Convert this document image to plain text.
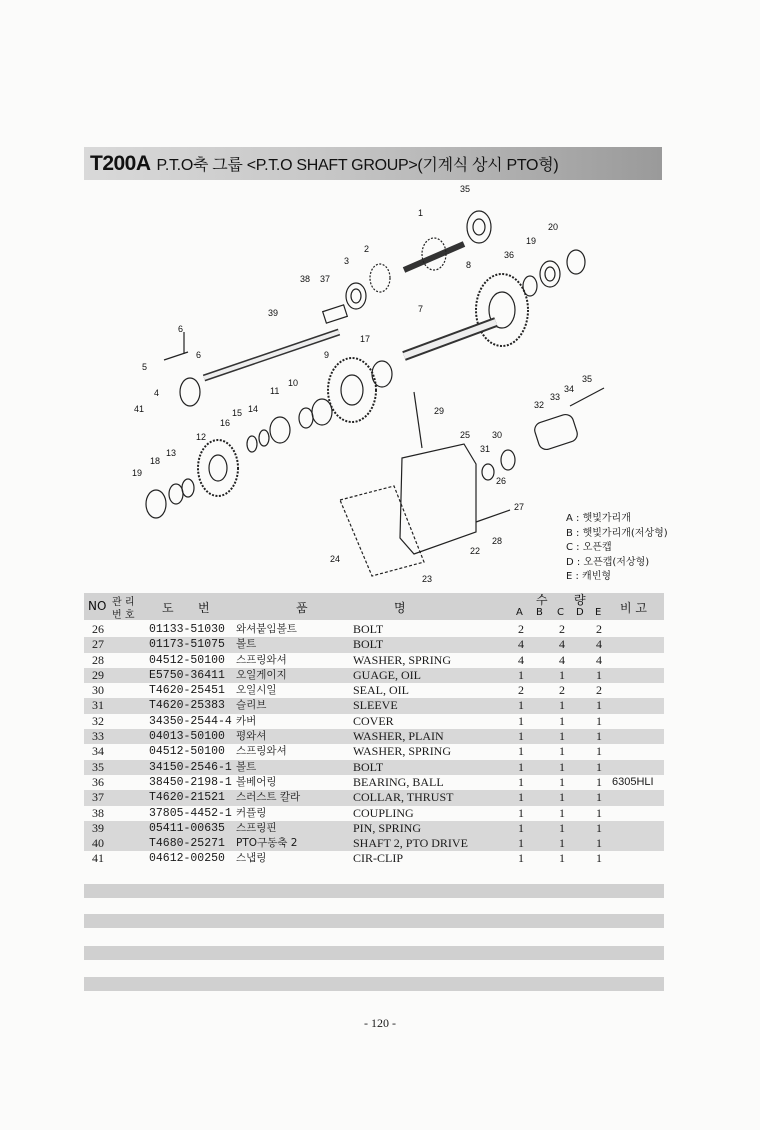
T200A P.T.O축 그룹 <P.T.O SHAFT GROUP>(기계식 상시 PTO형)
35
1
2
3
38 37
39
6
6
5
4
41
8
7
36
19
20
9
17
10
11
14
15
16
12
13
18
19
29
25
31
30
26
27
28
22
23
24
32
33
34
35
A : 햇빛가리개
B : 햇빛가리개(저상형)
C : 오픈캡
D : 오픈캡(저상형)
E : 캐빈형
NO 관 리
번 호
도 번	품	명
수 량
A B C D E 비 고
26	01133-51030 와셔붙임볼트	BOLT	2	2	2
27	01173-51075 볼트	BOLT	4	4	4
28	04512-50100 스프링와셔	WASHER, SPRING	4	4	4
29	E5750-36411 오일게이지	GUAGE, OIL	1	1	1
30	T4620-25451 오일시일	SEAL, OIL	2	2	2
31	T4620-25383 슬리브	SLEEVE	1	1	1
32	34350-2544-4 카버	COVER	1	1	1
33	04013-50100 평와셔	WASHER, PLAIN	1	1	1
34	04512-50100 스프링와셔	WASHER, SPRING	1	1	1
35	34150-2546-1 볼트	BOLT	1	1	1
36	38450-2198-1 볼베어링	BEARING, BALL	1	1	1 6305HLI
37	T4620-21521 스러스트 칼라	COLLAR, THRUST	1	1	1
38	37805-4452-1 커플링	COUPLING	1	1	1
39	05411-00635 스프링핀	PIN, SPRING	1	1	1
40	T4680-25271 PTO구동축 2	SHAFT 2, PTO DRIVE	1	1	1
41	04612-00250 스냅링	CIR-CLIP	1	1	1
- 120 -
